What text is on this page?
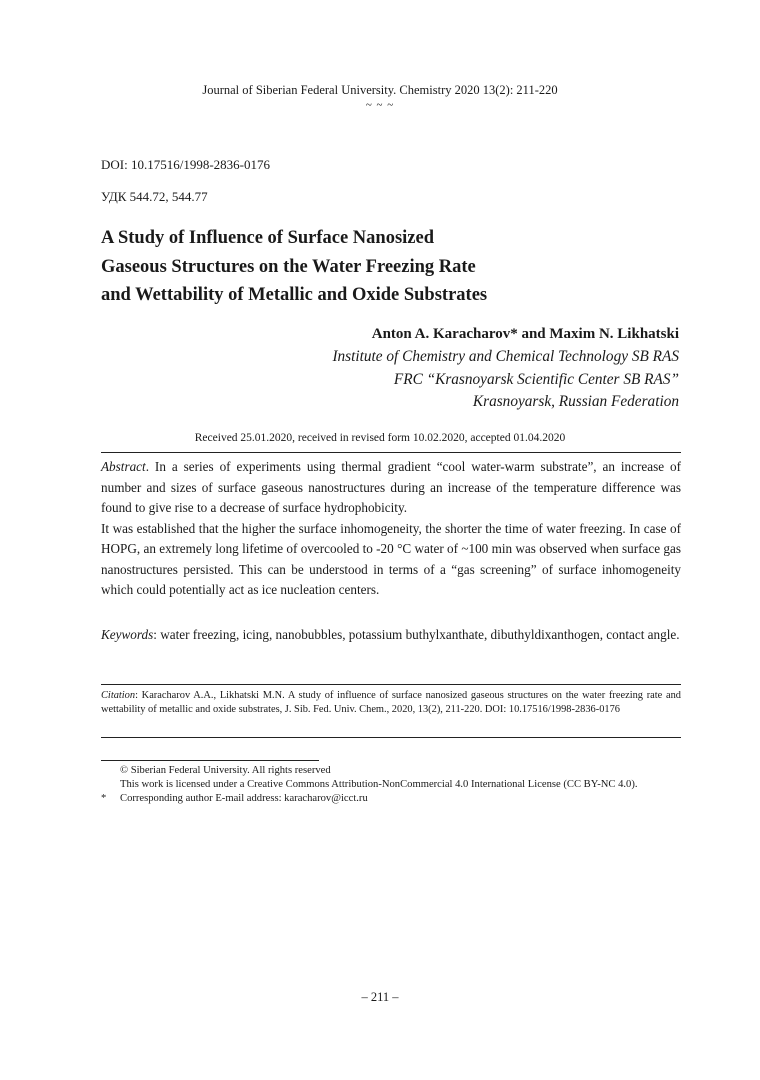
Journal of Siberian Federal University. Chemistry 2020 13(2): 211-220
~ ~ ~
DOI: 10.17516/1998-2836-0176
УДК 544.72, 544.77
A Study of Influence of Surface Nanosized
Gaseous Structures on the Water Freezing Rate
and Wettability of Metallic and Oxide Substrates
Anton A. Karacharov* and Maxim N. Likhatski
Institute of Chemistry and Chemical Technology SB RAS
FRC “Krasnoyarsk Scientific Center SB RAS”
Krasnoyarsk, Russian Federation
Received 25.01.2020, received in revised form 10.02.2020, accepted 01.04.2020

Abstract. In a series of experiments using thermal gradient “cool water-warm substrate”, an increase of number and sizes of surface gaseous nanostructures during an increase of the temperature difference was found to give rise to a decrease of surface hydrophobicity.

It was established that the higher the surface inhomogeneity, the shorter the time of water freezing. In case of HOPG, an extremely long lifetime of overcooled to -20 °C water of ~100 min was observed when surface gas nanostructures persisted. This can be understood in terms of a “gas screening” of surface inhomogeneity which could potentially act as ice nucleation centers.

Keywords: water freezing, icing, nanobubbles, potassium buthylxanthate, dibuthyldixanthogen, contact angle.
Citation: Karacharov A.A., Likhatski M.N. A study of influence of surface nanosized gaseous structures on the water freezing rate and wettability of metallic and oxide substrates, J. Sib. Fed. Univ. Chem., 2020, 13(2), 211-220. DOI: 10.17516/1998-2836-0176
© Siberian Federal University. All rights reserved
This work is licensed under a Creative Commons Attribution-NonCommercial 4.0 International License (CC BY-NC 4.0).
* Corresponding author E-mail address: karacharov@icct.ru
– 211 –
